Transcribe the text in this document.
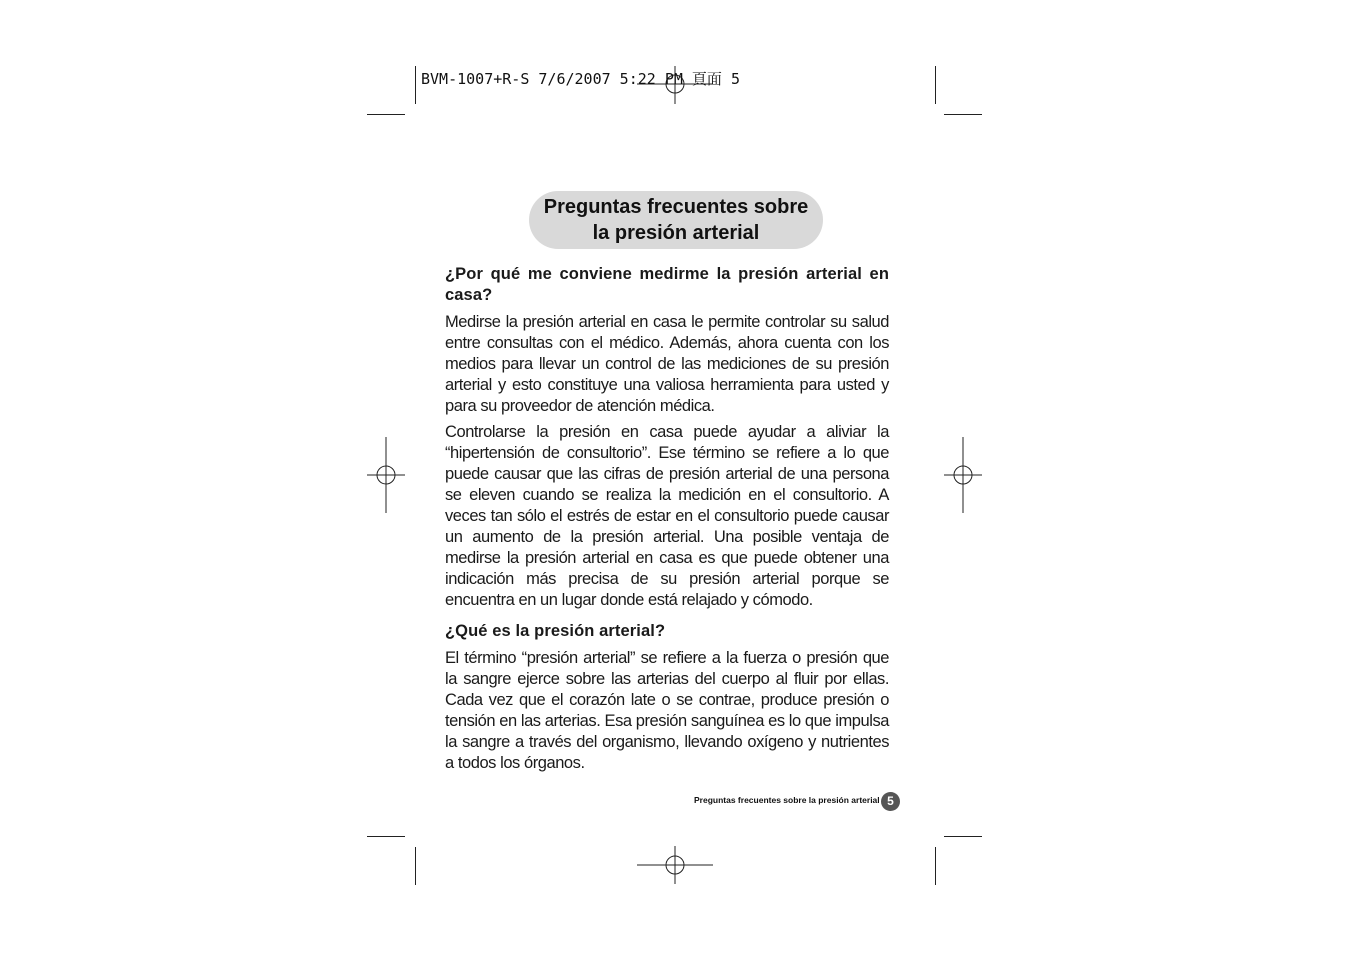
BVM-1007+R-S 7/6/2007 5:22 PM 頁面 5
Preguntas frecuentes sobre
la presión arterial
¿Por qué me conviene medirme la presión arterial en casa?
Medirse la presión arterial en casa le permite controlar su salud entre consultas con el médico. Además, ahora cuenta con los medios para llevar un control de las mediciones de su presión arterial y esto constituye una valiosa herramienta para usted y para su proveedor de atención médica.
Controlarse la presión en casa puede ayudar a aliviar la “hipertensión de consultorio”. Ese término se refiere a lo que puede causar que las cifras de presión arterial de una persona se eleven cuando se realiza la medición en el consultorio. A veces tan sólo el estrés de estar en el consultorio puede causar un aumento de la presión arterial. Una posible ventaja de medirse la presión arterial en casa es que puede obtener una indicación más precisa de su presión arterial porque se encuentra en un lugar donde está relajado y cómodo.
¿Qué es la presión arterial?
El término “presión arterial” se refiere a la fuerza o presión que la sangre ejerce sobre las arterias del cuerpo al fluir por ellas. Cada vez que el corazón late o se contrae, produce presión o tensión en las arterias. Esa presión sanguínea es lo que impulsa la sangre a través del organismo, llevando oxígeno y nutrientes a todos los órganos.
Preguntas frecuentes sobre la presión arterial 5
